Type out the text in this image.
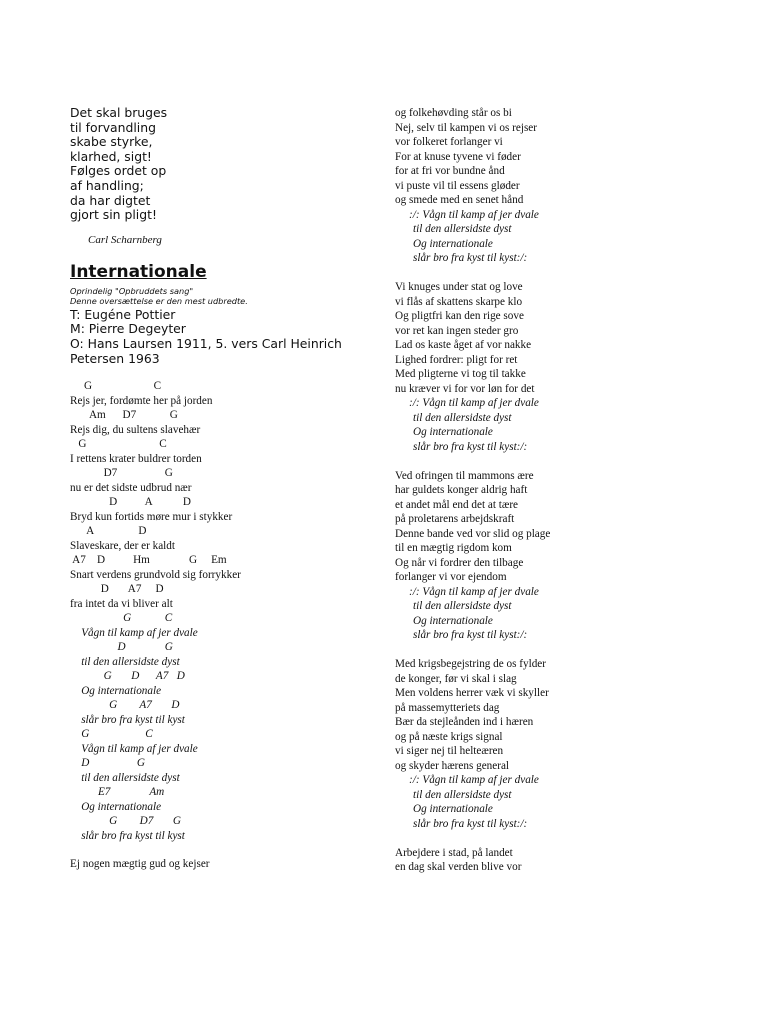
Det skal bruges
til forvandling
skabe styrke,
klarhed, sigt!
Følges ordet op
af handling;
da har digtet
gjort sin pligt!
Carl Scharnberg
Internationale
Oprindelig "Opbruddets sang"
Denne oversættelse er den mest udbredte.
T: Eugéne Pottier
M: Pierre Degeyter
O: Hans Laursen 1911, 5. vers Carl Heinrich Petersen 1963
G                      C
Rejs jer, fordømte her på jorden
Am      D7            G
Rejs dig, du sultens slavehær
G                          C
I rettens krater buldrer torden
D7                 G
nu er det sidste udbrud nær
D          A           D
Bryd kun fortids møre mur i stykker
A                D
Slaveskare, der er kaldt
A7    D          Hm              G     Em
Snart verdens grundvold sig forrykker
D       A7     D
fra intet da vi bliver alt
G            C
Vågn til kamp af jer dvale
D              G
til den allersidste dyst
G       D      A7   D
Og internationale
G        A7       D
slår bro fra kyst til kyst
G                    C
Vågn til kamp af jer dvale
D                 G
til den allersidste dyst
E7              Am
Og internationale
G        D7       G
slår bro fra kyst til kyst
Ej nogen mægtig gud og kejser
og folkehøvding står os bi
Nej, selv til kampen vi os rejser
vor folkeret forlanger vi
For at knuse tyvene vi føder
for at fri vor bundne ånd
vi puste vil til essens gløder
og smede med en senet hånd
:/: Vågn til kamp af jer dvale
til den allersidste dyst
Og internationale
slår bro fra kyst til kyst:/:
Vi knuges under stat og love
vi flås af skattens skarpe klo
Og pligtfri kan den rige sove
vor ret kan ingen steder gro
Lad os kaste åget af vor nakke
Lighed fordrer: pligt for ret
Med pligterne vi tog til takke
nu kræver vi for vor løn for det
:/: Vågn til kamp af jer dvale
til den allersidste dyst
Og internationale
slår bro fra kyst til kyst:/:
Ved ofringen til mammons ære
har guldets konger aldrig haft
et andet mål end det at tære
på proletarens arbejdskraft
Denne bande ved vor slid og plage
til en mægtig rigdom kom
Og når vi fordrer den tilbage
forlanger vi vor ejendom
:/: Vågn til kamp af jer dvale
til den allersidste dyst
Og internationale
slår bro fra kyst til kyst:/:
Med krigsbegejstring de os fylder
de konger, før vi skal i slag
Men voldens herrer væk vi skyller
på massemytteriets dag
Bær da stejleånden ind i hæren
og på næste krigs signal
vi siger nej til helteæren
og skyder hærens general
:/: Vågn til kamp af jer dvale
til den allersidste dyst
Og internationale
slår bro fra kyst til kyst:/:
Arbejdere i stad, på landet
en dag skal verden blive vor
